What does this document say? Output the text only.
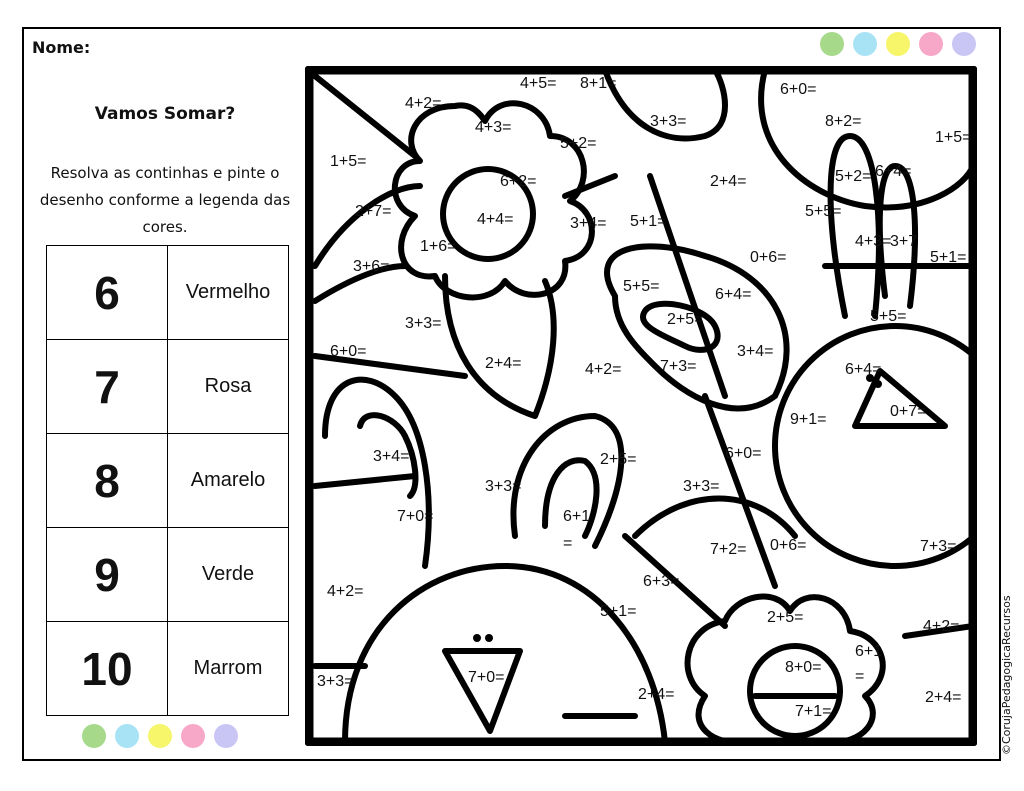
Nome:
Vamos Somar?
Resolva as continhas e pinte o desenho conforme a legenda das cores.
6	Vermelho
7	Rosa
8	Amarelo
9	Verde
10	Marrom
4+5= 8+1=	6+0=
4+2=
4+3=
5+2=
3+3=	8+2=
1+5=
1+5=
6+2=	5+2= 6+4=
2+4=
2+7=	4+4=	3+4= 5+1=
5+5=
4+3=
3+7
1+6=
0+6=	5+1=
3+6=
5+5=	6+4=
5+5=
3+3=	2+5=
6+0=
2+4=	4+2= 7+3=
3+4=
6+4=
0+7=
9+1=
3+4=	2+5=	6+0=
3+3=
3+3=
7+0=	6+1
=	7+2= 0+6=	7+3=
6+3=
4+2=
5+1=	2+5=
4+2=
6+1
=
8+0=
3+3=	7+0=
2+4=	2+4=
7+1=	©CorujaPedagogicaRecursos
